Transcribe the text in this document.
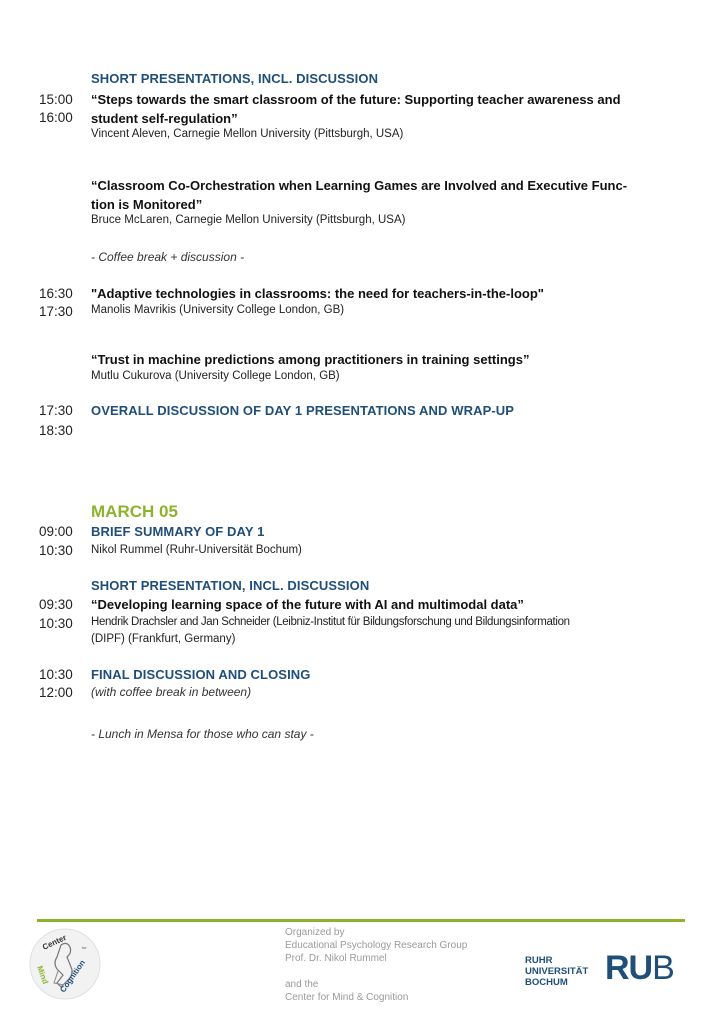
SHORT PRESENTATIONS, INCL. DISCUSSION
15:00
16:00
“Steps towards the smart classroom of the future: Supporting teacher awareness and
student self-regulation”
Vincent Aleven, Carnegie Mellon University (Pittsburgh, USA)
“Classroom Co-Orchestration when Learning Games are Involved and Executive Func-
tion is Monitored”
Bruce McLaren, Carnegie Mellon University (Pittsburgh, USA)
- Coffee break + discussion -
16:30
17:30
"Adaptive technologies in classrooms: the need for teachers-in-the-loop"
Manolis Mavrikis (University College London, GB)
“Trust in machine predictions among practitioners in training settings”
Mutlu Cukurova (University College London, GB)
17:30
18:30
OVERALL DISCUSSION OF DAY 1 PRESENTATIONS AND WRAP-UP
MARCH 05
09:00
10:30
BRIEF SUMMARY OF DAY 1
Nikol Rummel (Ruhr-Universität Bochum)
SHORT PRESENTATION, INCL. DISCUSSION
09:30
10:30
“Developing learning space of the future with AI and multimodal data”
Hendrik Drachsler and Jan Schneider (Leibniz-Institut für Bildungsforschung und Bildungsinformation
(DIPF) (Frankfurt, Germany)
10:30
12:00
FINAL DISCUSSION AND CLOSING
(with coffee break in between)
- Lunch in Mensa for those who can stay -
Center	for
Mind Cognition
Organized by
Educational Psychology Research Group
Prof. Dr. Nikol Rummel
and the
Center for Mind & Cognition
RUHR
UNIVERSITÄT
BOCHUM	RUB
